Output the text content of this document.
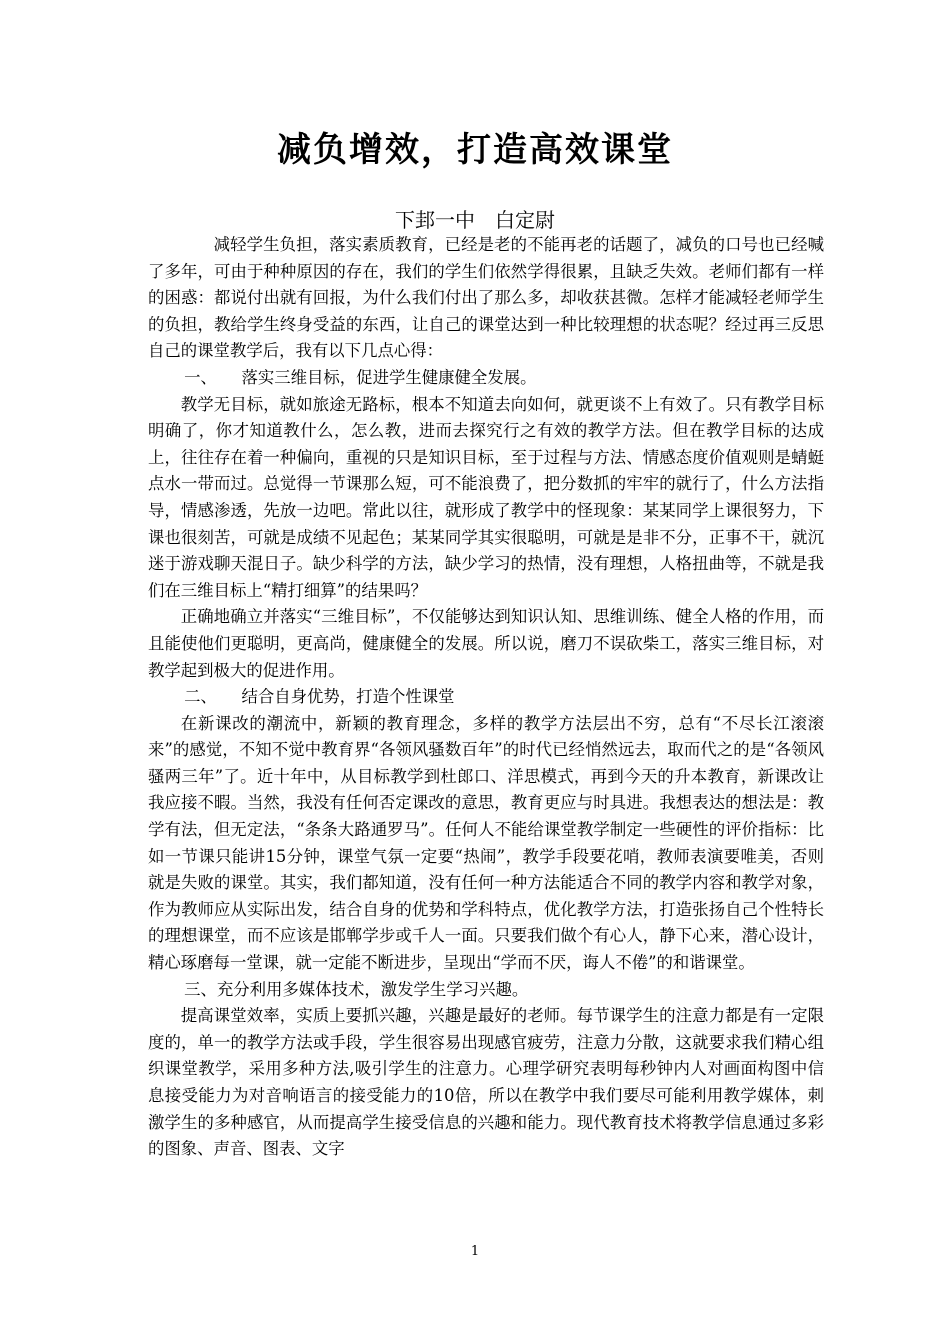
减负增效，打造高效课堂
下邽一中　白定尉

减轻学生负担，落实素质教育，已经是老的不能再老的话题了，减负的口号也已经喊了多年，可由于种种原因的存在，我们的学生们依然学得很累，且缺乏失效。老师们都有一样的困惑：都说付出就有回报，为什么我们付出了那么多，却收获甚微。怎样才能减轻老师学生的负担，教给学生终身受益的东西，让自己的课堂达到一种比较理想的状态呢？经过再三反思自己的课堂教学后，我有以下几点心得：

一、　　落实三维目标，促进学生健康健全发展。

教学无目标，就如旅途无路标，根本不知道去向如何，就更谈不上有效了。只有教学目标明确了，你才知道教什么，怎么教，进而去探究行之有效的教学方法。但在教学目标的达成上，往往存在着一种偏向，重视的只是知识目标，至于过程与方法、情感态度价值观则是蜻蜓点水一带而过。总觉得一节课那么短，可不能浪费了，把分数抓的牢牢的就行了，什么方法指导，情感渗透，先放一边吧。常此以往，就形成了教学中的怪现象：某某同学上课很努力，下课也很刻苦，可就是成绩不见起色；某某同学其实很聪明，可就是是非不分，正事不干，就沉迷于游戏聊天混日子。缺少科学的方法，缺少学习的热情，没有理想，人格扭曲等，不就是我们在三维目标上“精打细算”的结果吗？

正确地确立并落实“三维目标”，不仅能够达到知识认知、思维训练、健全人格的作用，而且能使他们更聪明，更高尚，健康健全的发展。所以说，磨刀不误砍柴工，落实三维目标，对教学起到极大的促进作用。

二、　　结合自身优势，打造个性课堂

在新课改的潮流中，新颖的教育理念，多样的教学方法层出不穷，总有“不尽长江滚滚来”的感觉，不知不觉中教育界“各领风骚数百年”的时代已经悄然远去，取而代之的是“各领风骚两三年”了。近十年中，从目标教学到杜郎口、洋思模式，再到今天的升本教育，新课改让我应接不暇。当然，我没有任何否定课改的意思，教育更应与时具进。我想表达的想法是：教学有法，但无定法，“条条大路通罗马”。任何人不能给课堂教学制定一些硬性的评价指标：比如一节课只能讲15分钟，课堂气氛一定要“热闹”，教学手段要花哨，教师表演要唯美，否则就是失败的课堂。其实，我们都知道，没有任何一种方法能适合不同的教学内容和教学对象，作为教师应从实际出发，结合自身的优势和学科特点，优化教学方法，打造张扬自己个性特长的理想课堂，而不应该是邯郸学步或千人一面。只要我们做个有心人，静下心来，潜心设计，精心琢磨每一堂课，就一定能不断进步，呈现出“学而不厌，诲人不倦”的和谐课堂。

三、充分利用多媒体技术，激发学生学习兴趣。

提高课堂效率，实质上要抓兴趣，兴趣是最好的老师。每节课学生的注意力都是有一定限度的，单一的教学方法或手段，学生很容易出现感官疲劳，注意力分散，这就要求我们精心组织课堂教学，采用多种方法,吸引学生的注意力。心理学研究表明每秒钟内人对画面构图中信息接受能力为对音响语言的接受能力的10倍，所以在教学中我们要尽可能利用教学媒体，刺激学生的多种感官，从而提高学生接受信息的兴趣和能力。现代教育技术将教学信息通过多彩的图象、声音、图表、文字

1
